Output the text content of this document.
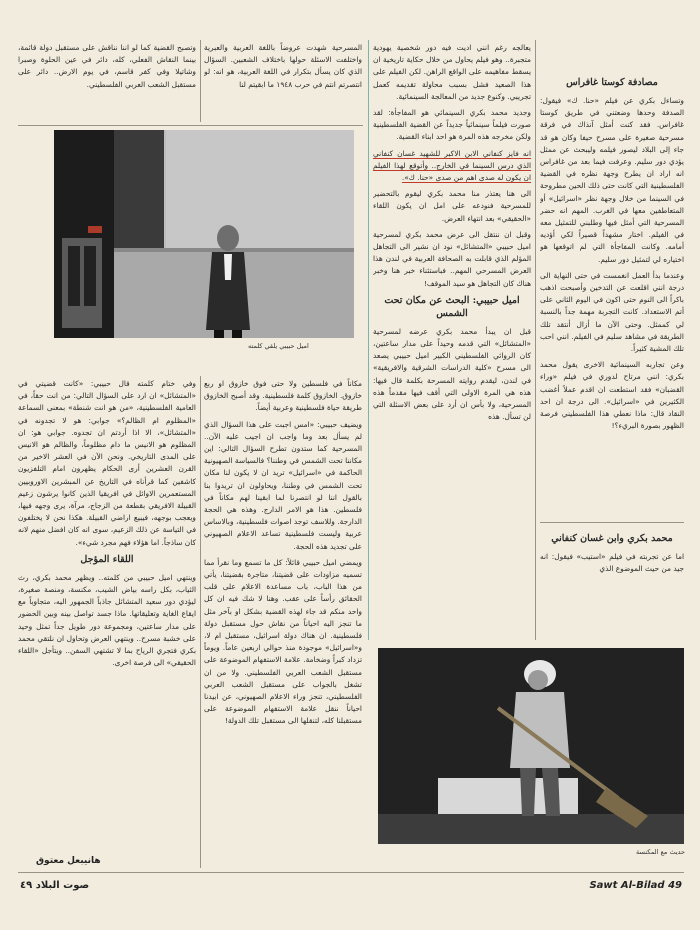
مصادفة كوستا غافراس

وتساءل بكري عن فيلم «حنا. ك» فيقول: الصدفة وحدها وضعتني في طريق كوستا غافراس. فقد كنت أمثل آنذاك في فرقة مسرحية صغيرة على مسرح حيفا وكان هو قد جاء إلى البلاد ليصور فيلمه وليبحث عن ممثل يؤدي دور سليم. وعرفت فيما بعد من غافراس انه اراد ان يطرح وجهة نظره في القضية الفلسطينية التي كانت حتى ذلك الحين مطروحة في السينما من خلال وجهة نظر «اسرائيل» أو المتعاطفين معها في الغرب. المهم انه حضر المسرحية التي أمثل فيها وطلبني للتمثيل معه في الفيلم. اختار مشهداً قصيراً لكي أؤديه أمامه. وكانت المفاجأة التي لم اتوقعها هو اختياره لي لتمثيل دور سليم.

وعندما بدأ العمل انغمست في حتى النهاية الى درجة انني اقلعت عن التدخين وأصبحت اذهب باكراً الى النوم حتى اكون في اليوم الثاني على أتم الاستعداد. كانت التجربة مهمة جداً بالنسبة لي كممثل. وحتى الآن ما أزال أنتقد تلك الطريقة في مشاهد سليم في الفيلم. انني احب تلك المشية كثيراً.

وعن تجاربه السينمائية الاخرى يقول محمد بكري: انني مرتاح لدوري في فيلم «وراء القضبان» فقد استطعت ان اقدم عملاً أغضب الكثيرين في «اسرائيل». الى درجة ان احد النقاد قال: ماذا نعطي هذا الفلسطيني فرصة الظهور بصورة البريء؟!

محمد بكري وابن غسان كنفاني

اما عن تجربته في فيلم «استيب» فيقول: انه جيد من حيث الموضوع الذي

يعالجه رغم انني اديت فيه دور شخصية يهودية متجبرة.. وهو فيلم يحاول من خلال حكاية تاريخية ان يسقط مفاهيمه على الواقع الراهن. لكن الفيلم على هذا الصعيد فشل بسبب محاولة تقديمه كعمل تجريبي. وكنوع جديد من المعالجة السينمائية.

وجديد محمد بكري السينمائي هو المفاجأة: لقد صورت فيلماً سينمائياً جديداً عن القضية الفلسطينية ولكن مخرجه هذه المرة هو احد ابناء القضية.

انه فايز كنفاني الابن الاكبر للشهيد غسان كنفاني الذي درس السينما في الخارج.. وأتوقع لهذا الفيلم ان يكون له صدى اهم من صدى «حنا. ك».

الى هنا يعتذر منا محمد بكري ليقوم بالتحضير للمسرحية فنودعه على امل ان يكون اللقاء «الحقيقي» بعد انتهاء العرض.

وقبل ان ننتقل الى عرض محمد بكري لمسرحية اميل حبيبي «المتشائل» نود ان نشير الى التجاهل المؤلم الذي قابلت به الصحافة العربية في لندن هذا العرض المسرحي المهم.. فباستثناء خبر هنا وخبر هناك كان التجاهل هو سيد الموقف!

اميل حبيبي: البحث عن مكان تحت الشمس

قبل ان يبدأ محمد بكري عرضه لمسرحية «المتشائل» التي قدمه وحيداً على مدار ساعتين، كان الروائي الفلسطيني الكبير اميل حبيبي يصعد الى مسرح «كلية الدراسات الشرقية والافريقية» في لندن، ليقدم روايته المسرحة بكلمة قال فيها: هذه هي المرة الاولى التي أقف فيها مقدماً هذه المسرحية، ولا بأس ان أرد على بعض الاسئلة التي لن تسأل. هذه

المسرحية شهدت عروضاً باللغة العربية والعبرية واختلفت الاسئلة حولها باختلاف الشعبين. السؤال الذي كان يسأل بتكرار في اللغة العربية، هو انه: لو انتصرتم انتم في حرب ١٩٤٨ ما ابقيتم لنا

مكاناً في فلسطين ولا حتى فوق خازوق او ربع خازوق. الخازوق كلمة فلسطينية. وقد أصبح الخازوق طريقة حياة فلسطينية وعربية أيضاً.

ويضيف حبيبي: «امس اجبت على هذا السؤال الذي لم يسأل بعد وما واجب ان اجيب عليه الآن.. المسرحية كما ستدون تطرح السؤال التالي: اين مكاننا تحت الشمس في وطننا؟ فالسياسة الصهيونية الحاكمة في «اسرائيل» تريد ان لا يكون لنا مكان تحت الشمس في وطننا، ويحاولون ان تريدوا بنا بالقول اننا لو انتصرنا لما ابقينا لهم مكاناً في فلسطين. هذا هو الامر الدارج. وهذه هي الحجة الدارجة. وللاسف توجد اصوات فلسطينية، وبالاساس عربية وليست فلسطينية تساعد الاعلام الصهيوني على تجديد هذه الحجة.

ويمضي اميل حبيبي قائلاً: كل ما تسمع وما نقرأ مما تسميه مزاودات على قضيتنا، متاجرة بقضيتنا، يأتي من هذا الباب، باب مساعدة الاعلام على قلب الحقائق رأساً على عقب. وهنا لا شك فيه ان كل واحد منكم قد جاء لهذه القضية بشكل او بآخر مثل ما تنجز اليه احياناً من نقاش حول مستقبل دولة فلسطينية. ان هناك دولة اسرائيل، مستقبل ام لا، و«اسرائيل» موجودة منذ حوالي اربعين عاماً. ويوماً تزداد كبراً وضخامة. علامة الاستفهام الموضوعة على مستقبل الشعب العربي الفلسطيني. ولا من ان تشغل بالجواب على مستقبل الشعب العربي الفلسطيني، تنجز وراء الاعلام الصهيوني، عن ابيدنا احياناً ننقل علامة الاستفهام الموضوعة على مستقبلنا كله، لتنقلها الى مستقبل تلك الدولة!

وتصبح القضية كما لو اننا نناقش على مستقبل دولة قائمة، بينما النقاش الفعلي، كله، دائر في عين الحلوة وصبرا وشاتيلا وفي كفر قاسم، في يوم الارض.. دائر على مستقبل الشعب العربي الفلسطيني.

وفي ختام كلمته قال حبيبي: «كانت قضيتي في «المتشائل» ان ارد على السؤال التالي: من انت حقاً، في العامية الفلسطينية، «من هو انت شنطة» بمعنى السماعة «المظلوم ام الظالم؟» جوابي: هو لا تجدونه في «المتشائل»، الا اذا أردتم ان تجدوه. جوابي هو: ان المظلوم هو الانيس ما دام مظلوماً، والظالم هو الانيس على المدى التاريخي. ونحن الآن في العشر الاخير من القرن العشرين أرى الحكام يظهرون امام التلفزيون كاشفين كما قرأناه في التاريخ عن المبشرين الاوروبيين المستعمرين الاوائل في افريقيا الذين كانوا يرشون زعيم القبيلة الافريقي بقطعة من الزجاج، مرآة، يرى وجهه فيها، ويعجب بوجهه، فيبيع اراضي القبيلة. هكذا نحن لا يختلفون في التياسة عن ذلك الزعيم، سوى انه كان افضل منهم لانه كان ساذجاً. اما هؤلاء فهم مجرد شيء».

اللقاء المؤجل

وينتهي اميل حبيبي من كلمته.. ويظهر محمد بكري، رث الثياب، بكل راسه بياض الشيب، مكنسة، ومنصة صغيرة، ليؤدي دور سعيد المتشائل جاذباً الجمهور اليه، متجاوباً مع ايقاع الغاية وتعليقاتها. ماذا جسد تواصل بينه وبين الحضور على مدار ساعتين، ومجموعة دور طويل جداً تمثل وحيد على خشبة مسرح.. وينتهي العرض وتحاول ان نلتقي محمد بكري فتجري الرياح بما لا تشتهي السفن.. ويتأجل «اللقاء الحقيقي» الى فرصة اخرى.

اميل حبيبي يلقي كلمته
حديث مع المكنسة
هانيبعل معتوق
صوت البلاد ٤٩	Sawt Al-Bilad 49
